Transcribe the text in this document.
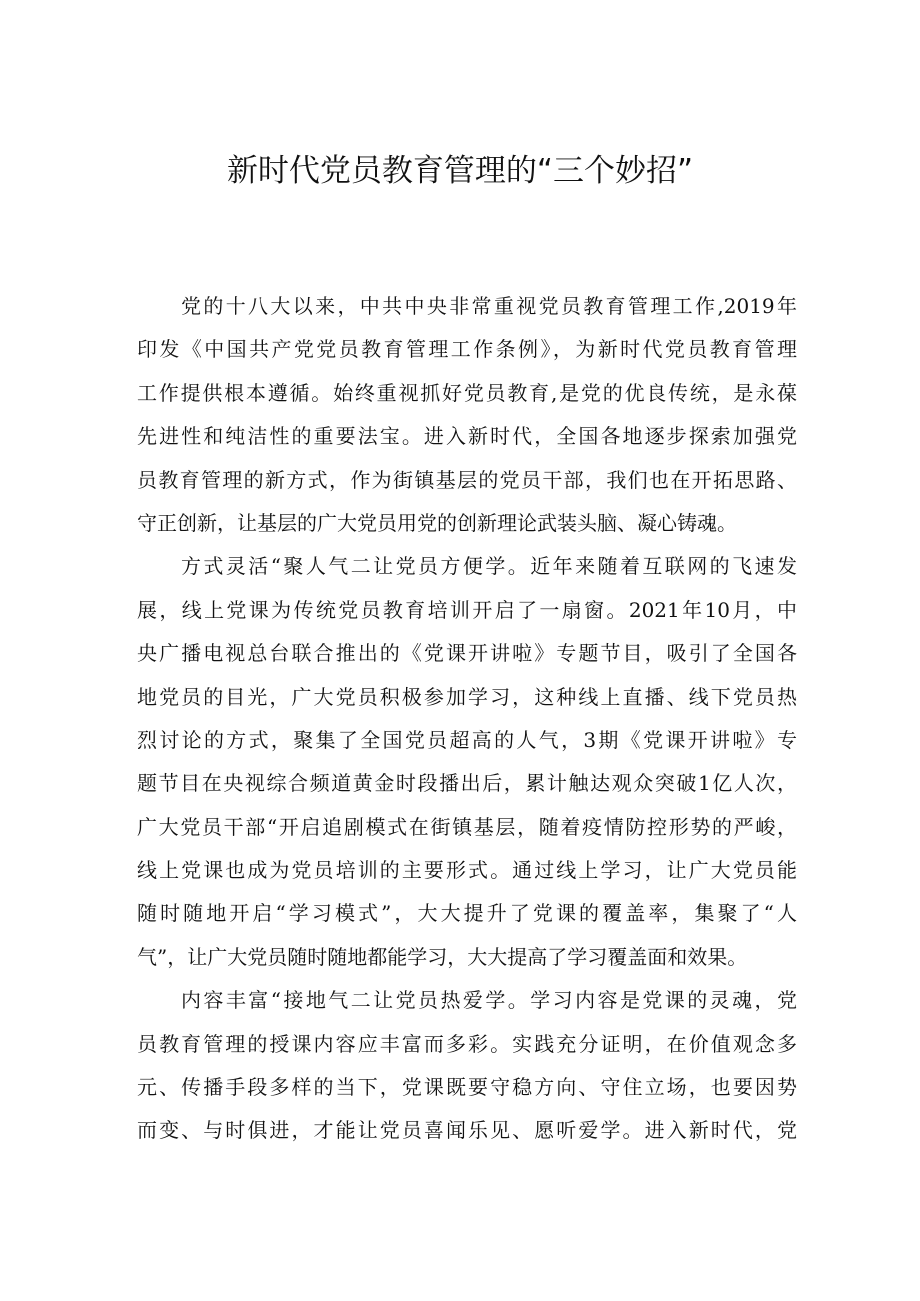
新时代党员教育管理的“三个妙招”
党的十八大以来，中共中央非常重视党员教育管理工作,2019年
印发《中国共产党党员教育管理工作条例》，为新时代党员教育管理
工作提供根本遵循。始终重视抓好党员教育,是党的优良传统，是永葆
先进性和纯洁性的重要法宝。进入新时代，全国各地逐步探索加强党
员教育管理的新方式，作为街镇基层的党员干部，我们也在开拓思路、
守正创新，让基层的广大党员用党的创新理论武装头脑、凝心铸魂。
方式灵活“聚人气二让党员方便学。近年来随着互联网的飞速发
展，线上党课为传统党员教育培训开启了一扇窗。2021年10月，中
央广播电视总台联合推出的《党课开讲啦》专题节目，吸引了全国各
地党员的目光，广大党员积极参加学习，这种线上直播、线下党员热
烈讨论的方式，聚集了全国党员超高的人气，3期《党课开讲啦》专
题节目在央视综合频道黄金时段播出后，累计触达观众突破1亿人次，
广大党员干部“开启追剧模式在街镇基层，随着疫情防控形势的严峻，
线上党课也成为党员培训的主要形式。通过线上学习，让广大党员能
随时随地开启“学习模式”，大大提升了党课的覆盖率，集聚了“人
气”，让广大党员随时随地都能学习，大大提高了学习覆盖面和效果。
内容丰富“接地气二让党员热爱学。学习内容是党课的灵魂，党
员教育管理的授课内容应丰富而多彩。实践充分证明，在价值观念多
元、传播手段多样的当下，党课既要守稳方向、守住立场，也要因势
而变、与时俱进，才能让党员喜闻乐见、愿听爱学。进入新时代，党
